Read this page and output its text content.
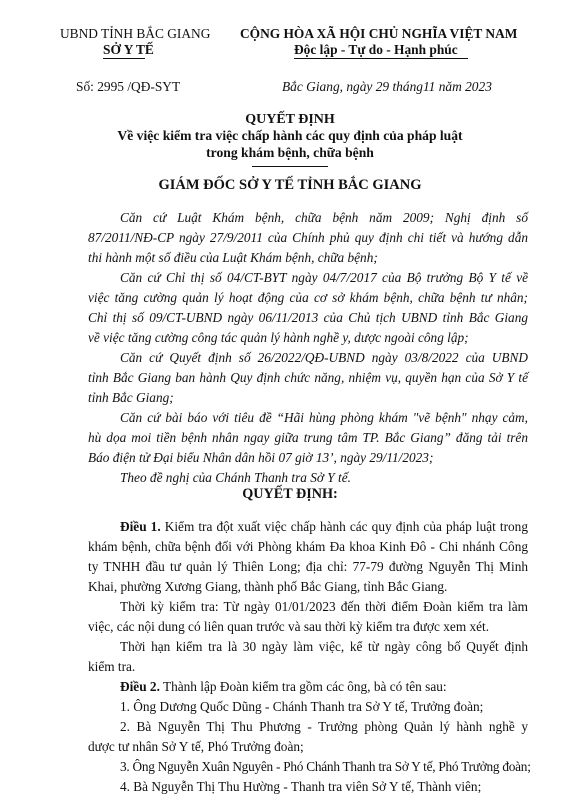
UBND TỈNH BẮC GIANG
SỞ Y TẾ
CỘNG HÒA XÃ HỘI CHỦ NGHĨA VIỆT NAM
Độc lập - Tự do - Hạnh phúc
Số: 2995 /QĐ-SYT	Bắc Giang, ngày 29 tháng11 năm 2023
QUYẾT ĐỊNH
Về việc kiểm tra việc chấp hành các quy định của pháp luật
trong khám bệnh, chữa bệnh
GIÁM ĐỐC SỞ Y TẾ TỈNH BẮC GIANG
Căn cứ Luật Khám bệnh, chữa bệnh năm 2009; Nghị định số
87/2011/NĐ-CP ngày 27/9/2011 của Chính phủ quy định chi tiết và hướng dẫn
thi hành một số điều của Luật Khám bệnh, chữa bệnh;
Căn cứ Chỉ thị số 04/CT-BYT ngày 04/7/2017 của Bộ trưởng Bộ Y tế về
việc tăng cường quản lý hoạt động của cơ sở khám bệnh, chữa bệnh tư nhân;
Chỉ thị số 09/CT-UBND ngày 06/11/2013 của Chủ tịch UBND tỉnh Bắc Giang
về việc tăng cường công tác quản lý hành nghề y, dược ngoài công lập;
Căn cứ Quyết định số 26/2022/QĐ-UBND ngày 03/8/2022 của UBND
tỉnh Bắc Giang ban hành Quy định chức năng, nhiệm vụ, quyền hạn của Sở Y tế
tỉnh Bắc Giang;
Căn cứ bài báo với tiêu đề “Hãi hùng phòng khám "vẽ bệnh" nhạy cảm,
hù dọa moi tiền bệnh nhân ngay giữa trung tâm TP. Bắc Giang” đăng tải trên
Báo điện tử Đại biểu Nhân dân hồi 07 giờ 13’, ngày 29/11/2023;
Theo đề nghị của Chánh Thanh tra Sở Y tế.
QUYẾT ĐỊNH:
Điều 1. Kiểm tra đột xuất việc chấp hành các quy định của pháp luật trong
khám bệnh, chữa bệnh đối với Phòng khám Đa khoa Kinh Đô - Chi nhánh Công
ty TNHH đầu tư quản lý Thiên Long; địa chỉ: 77-79 đường Nguyễn Thị Minh
Khai, phường Xương Giang, thành phố Bắc Giang, tỉnh Bắc Giang.
Thời kỳ kiểm tra: Từ ngày 01/01/2023 đến thời điểm Đoàn kiểm tra làm
việc, các nội dung có liên quan trước và sau thời kỳ kiểm tra được xem xét.
Thời hạn kiểm tra là 30 ngày làm việc, kể từ ngày công bố Quyết định
kiểm tra.
Điều 2. Thành lập Đoàn kiểm tra gồm các ông, bà có tên sau:
1. Ông Dương Quốc Dũng - Chánh Thanh tra Sở Y tế, Trưởng đoàn;
2. Bà Nguyễn Thị Thu Phương - Trưởng phòng Quản lý hành nghề y
dược tư nhân Sở Y tế, Phó Trưởng đoàn;
3. Ông Nguyễn Xuân Nguyên - Phó Chánh Thanh tra Sở Y tế, Phó Trưởng đoàn;
4. Bà Nguyễn Thị Thu Hường - Thanh tra viên Sở Y tế, Thành viên;
